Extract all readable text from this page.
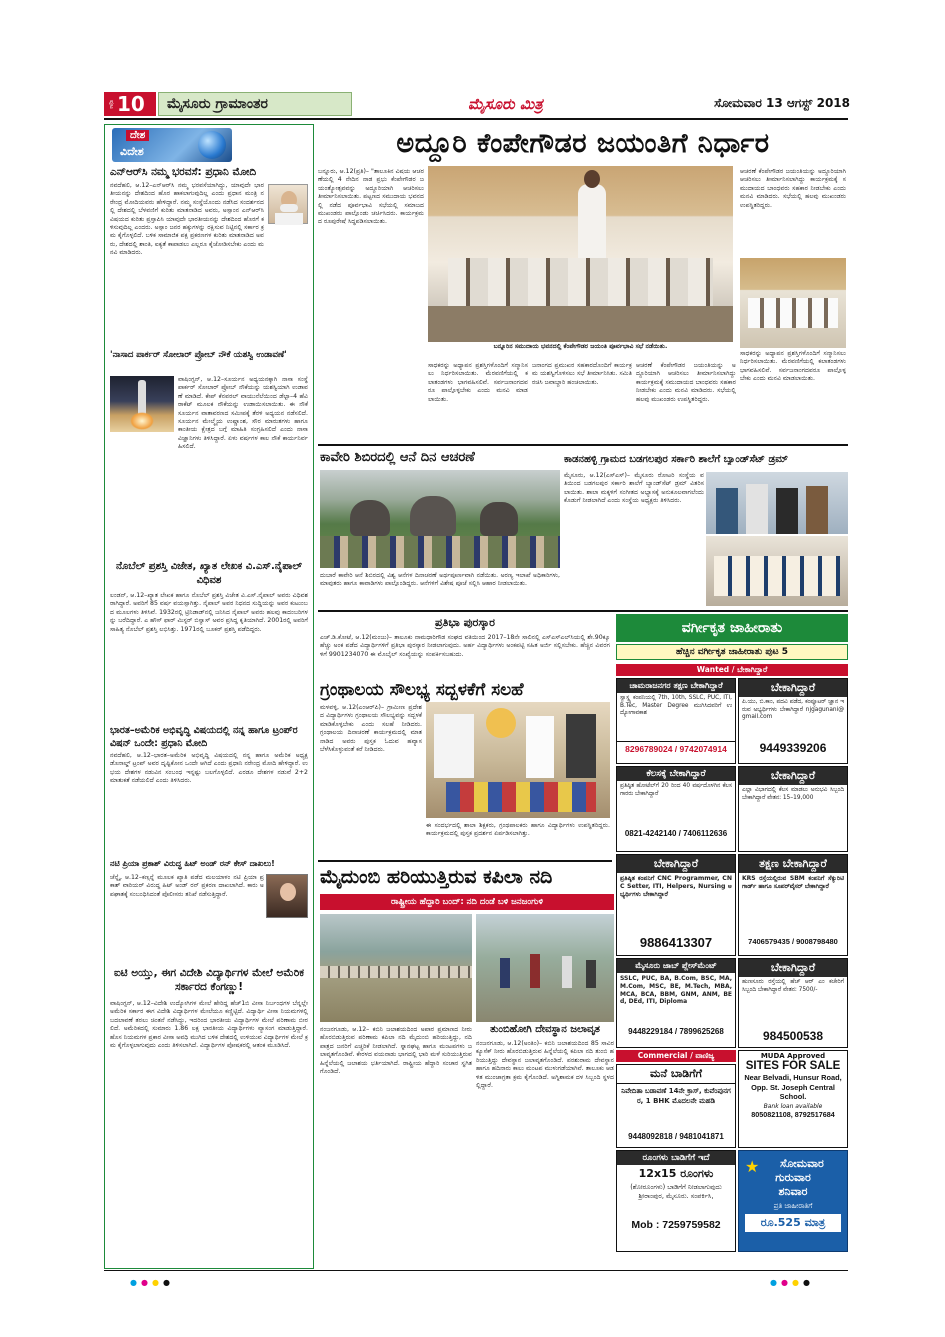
ಪುಟ 10 ಮೈಸೂರು ಗ್ರಾಮಾಂತರ	ಮೈಸೂರು ಮಿತ್ರ	ಸೋಮವಾರ 13 ಆಗಸ್ಟ್ 2018
ದೇಶ
ವಿದೇಶ
ಎನ್‌ಆರ್‌ಸಿ ನಮ್ಮ ಭರವಸೆ: ಪ್ರಧಾನಿ ಮೋದಿ
ನವದೆಹಲಿ, ಆ.12–ಎನ್‌ಆರ್‌ಸಿ ನಮ್ಮ ಭರವಸೆಯಾಗಿದ್ದು, ಯಾವುದೇ ಭಾರತೀಯನನ್ನು ದೇಶದಿಂದ ಹೊರ ಹಾಕಲಾಗುವುದಿಲ್ಲ ಎಂದು ಪ್ರಧಾನ ಮಂತ್ರಿ ನರೇಂದ್ರ ಮೋದಿಯವರು ಹೇಳಿದ್ದಾರೆ. ನಮ್ಮ ಸಂಸ್ಥೆಯೊಂದು ನಡೆಸಿದ ಸಂದರ್ಶನದಲ್ಲಿ ದೇಶದಲ್ಲಿ ಬೆಳವಣಿಗೆ ಕುರಿತು ಮಾತನಾಡಿದ ಅವರು, ಅಸ್ಸಾಂನ ಎನ್‌ಆರ್‌ಸಿ ವಿಷಯದ ಕುರಿತು ಪ್ರಸ್ತಾಪಿಸಿ ಯಾವುದೇ ಭಾರತೀಯನನ್ನು ದೇಶದಿಂದ ಹೊರಗೆ ಕಳಿಸುವುದಿಲ್ಲ ಎಂದರು. ಅಸ್ಸಾಂ ಜನರ ಹಕ್ಕುಗಳನ್ನು ರಕ್ಷಿಸುವ ನಿಟ್ಟಿನಲ್ಲಿ ಸರ್ಕಾರ ಕ್ರಮ ಕೈಗೊಳ್ಳಲಿದೆ. ಬಳಿಕ ಸಾಮಾಜಿಕ ಪಕ್ಷ ಪ್ರಕರಣಗಳ ಕುರಿತು ಮಾತನಾಡಿದ ಅವರು, ದೇಶದಲ್ಲಿ ಶಾಂತಿ, ಐಕ್ಯತೆ ಕಾಪಾಡಲು ಎಲ್ಲರೂ ಕೈಜೋಡಿಸಬೇಕು ಎಂದು ಮನವಿ ಮಾಡಿದರು.
'ನಾಸಾದ ಪಾರ್ಕರ್ ಸೋಲಾರ್ ಪ್ರೋಬ್ ನೌಕೆ ಯಶಸ್ವಿ ಉಡಾವಣೆ'
ವಾಷಿಂಗ್ಟನ್, ಆ.12–ಸೂರ್ಯನ ಅಧ್ಯಯನಕ್ಕಾಗಿ ನಾಸಾ ಸಂಸ್ಥೆ ಪಾರ್ಕರ್ ಸೋಲಾರ್ ಪ್ರೋಬ್ ನೌಕೆಯನ್ನು ಯಶಸ್ವಿಯಾಗಿ ಉಡಾವಣೆ ಮಾಡಿದೆ. ಕೇಪ್ ಕೆನವರಲ್ ವಾಯುನೆಲೆಯಿಂದ ಡೆಲ್ಟಾ–4 ಹೆವಿ ರಾಕೆಟ್ ಮೂಲಕ ನೌಕೆಯನ್ನು ಉಡಾಯಿಸಲಾಯಿತು. ಈ ನೌಕೆ ಸೂರ್ಯನ ವಾತಾವರಣದ ಸಮೀಪಕ್ಕೆ ತೆರಳಿ ಅಧ್ಯಯನ ನಡೆಸಲಿದೆ. ಸೂರ್ಯನ ಮೇಲ್ಮೈಯ ಉಷ್ಣಾಂಶ, ಸೌರ ಮಾರುತಗಳು ಹಾಗೂ ಕಾಂತೀಯ ಕ್ಷೇತ್ರದ ಬಗ್ಗೆ ಮಾಹಿತಿ ಸಂಗ್ರಹಿಸಲಿದೆ ಎಂದು ನಾಸಾ ವಿಜ್ಞಾನಿಗಳು ತಿಳಿಸಿದ್ದಾರೆ. ಏಳು ವರ್ಷಗಳ ಕಾಲ ನೌಕೆ ಕಾರ್ಯನಿರ್ವಹಿಸಲಿದೆ.
ನೊಬೆಲ್ ಪ್ರಶಸ್ತಿ ವಿಜೇತ, ಖ್ಯಾತ ಲೇಖಕ ವಿ.ಎಸ್.ನೈಪಾಲ್ ವಿಧಿವಶ
ಲಂಡನ್, ಆ.12–ಖ್ಯಾತ ಲೇಖಕ ಹಾಗೂ ನೊಬೆಲ್ ಪ್ರಶಸ್ತಿ ವಿಜೇತ ವಿ.ಎಸ್.ನೈಪಾಲ್ ಅವರು ವಿಧಿವಶರಾಗಿದ್ದಾರೆ. ಅವರಿಗೆ 85 ವರ್ಷ ವಯಸ್ಸಾಗಿತ್ತು. ನೈಪಾಲ್ ಅವರ ನಿಧನದ ಸುದ್ದಿಯನ್ನು ಅವರ ಕುಟುಂಬದ ಮೂಲಗಳು ತಿಳಿಸಿವೆ. 1932ರಲ್ಲಿ ಟ್ರಿನಿಡಾಡ್‌ನಲ್ಲಿ ಜನಿಸಿದ ನೈಪಾಲ್ ಅವರು ಹಲವು ಕಾದಂಬರಿಗಳನ್ನು ಬರೆದಿದ್ದಾರೆ. ಎ ಹೌಸ್ ಫಾರ್ ಮಿಸ್ಟರ್ ಬಿಸ್ವಾಸ್ ಅವರ ಪ್ರಸಿದ್ಧ ಕೃತಿಯಾಗಿದೆ. 2001ರಲ್ಲಿ ಅವರಿಗೆ ಸಾಹಿತ್ಯ ನೊಬೆಲ್ ಪ್ರಶಸ್ತಿ ಲಭಿಸಿತ್ತು. 1971ರಲ್ಲಿ ಬೂಕರ್ ಪ್ರಶಸ್ತಿ ಪಡೆದಿದ್ದರು.
ಭಾರತ–ಅಮೆರಿಕ ಅಭಿವೃದ್ಧಿ ವಿಷಯದಲ್ಲಿ ನನ್ನ ಹಾಗೂ ಟ್ರಂಪ್‌ರ ವಿಷನ್ ಒಂದೇ: ಪ್ರಧಾನಿ ಮೋದಿ
ನವದೆಹಲಿ, ಆ.12–ಭಾರತ–ಅಮೆರಿಕ ಅಭಿವೃದ್ಧಿ ವಿಷಯದಲ್ಲಿ ನನ್ನ ಹಾಗೂ ಅಮೆರಿಕ ಅಧ್ಯಕ್ಷ ಡೊನಾಲ್ಡ್ ಟ್ರಂಪ್ ಅವರ ದೃಷ್ಟಿಕೋನ ಒಂದೇ ಆಗಿದೆ ಎಂದು ಪ್ರಧಾನಿ ನರೇಂದ್ರ ಮೋದಿ ಹೇಳಿದ್ದಾರೆ. ಉಭಯ ದೇಶಗಳ ನಡುವಿನ ಸಂಬಂಧ ಇನ್ನಷ್ಟು ಬಲಗೊಳ್ಳಲಿದೆ. ಎರಡೂ ದೇಶಗಳ ನಡುವೆ 2+2 ಮಾತುಕತೆ ನಡೆಯಲಿದೆ ಎಂದು ತಿಳಿಸಿದರು.
ನಟಿ ಪ್ರಿಯಾ ಪ್ರಕಾಶ್ ವಿರುದ್ಧ ಹಿಟ್ ಅಂಡ್ ರನ್ ಕೇಸ್ ದಾಖಲು!
ಚೆನ್ನೈ, ಆ.12–ಕಣ್ಸನ್ನೆ ಮೂಲಕ ಖ್ಯಾತಿ ಪಡೆದ ಮಲಯಾಳಂ ನಟಿ ಪ್ರಿಯಾ ಪ್ರಕಾಶ್ ವಾರಿಯರ್ ವಿರುದ್ಧ ಹಿಟ್ ಅಂಡ್ ರನ್ ಪ್ರಕರಣ ದಾಖಲಾಗಿದೆ. ಕಾರು ಅಪಘಾತಕ್ಕೆ ಸಂಬಂಧಿಸಿದಂತೆ ಪೊಲೀಸರು ತನಿಖೆ ನಡೆಸುತ್ತಿದ್ದಾರೆ.
ಐಟಿ ಅಯ್ತು, ಈಗ ವಿದೇಶಿ ವಿದ್ಯಾರ್ಥಿಗಳ ಮೇಲೆ ಅಮೆರಿಕ ಸರ್ಕಾರದ ಕೆಂಗಣ್ಣು!
ವಾಷಿಂಗ್ಟನ್, ಆ.12–ವಿದೇಶಿ ಉದ್ಯೋಗಿಗಳ ಮೇಲೆ ಹೇರಿದ್ದ ಹೆಚ್1ಬಿ ವೀಸಾ ನಿರ್ಬಂಧಗಳ ಬೆನ್ನಲ್ಲೇ ಅಮೆರಿಕ ಸರ್ಕಾರ ಈಗ ವಿದೇಶಿ ವಿದ್ಯಾರ್ಥಿಗಳ ಮೇಲೆಯೂ ಕಣ್ಣಿಟ್ಟಿದೆ. ವಿದ್ಯಾರ್ಥಿ ವೀಸಾ ನಿಯಮಗಳಲ್ಲಿ ಬದಲಾವಣೆ ತರಲು ಚಿಂತನೆ ನಡೆಸಿದ್ದು, ಇದರಿಂದ ಭಾರತೀಯ ವಿದ್ಯಾರ್ಥಿಗಳ ಮೇಲೆ ಪರಿಣಾಮ ಬೀರಲಿದೆ. ಅಮೆರಿಕದಲ್ಲಿ ಸುಮಾರು 1.86 ಲಕ್ಷ ಭಾರತೀಯ ವಿದ್ಯಾರ್ಥಿಗಳು ವ್ಯಾಸಂಗ ಮಾಡುತ್ತಿದ್ದಾರೆ. ಹೊಸ ನಿಯಮಗಳ ಪ್ರಕಾರ ವೀಸಾ ಅವಧಿ ಮುಗಿದ ಬಳಿಕ ದೇಶದಲ್ಲಿ ಉಳಿಯುವ ವಿದ್ಯಾರ್ಥಿಗಳ ಮೇಲೆ ಕ್ರಮ ಕೈಗೊಳ್ಳಲಾಗುವುದು ಎಂದು ತಿಳಿಸಲಾಗಿದೆ. ವಿದ್ಯಾರ್ಥಿಗಳ ಪೋಷಕರಲ್ಲಿ ಆತಂಕ ಮೂಡಿಸಿದೆ.
ಅದ್ದೂರಿ ಕೆಂಪೇಗೌಡರ ಜಯಂತಿಗೆ ನಿರ್ಧಾರ
ಬನ್ನೂರು, ಆ.12(ಪ್ರತಿ)– "ತಾಲೂಕಿನ ವಿಷಯ ಆಚರಣೆಯಲ್ಲಿ 4 ನೇದಿನ ನಾಡ ಪ್ರಭು ಕೆಂಪೇಗೌಡರ ಜಯಂತ್ಯೋತ್ಸವವನ್ನು ಅದ್ದೂರಿಯಾಗಿ ಆಚರಿಸಲು ತೀರ್ಮಾನಿಸಲಾಯಿತು. ಪಟ್ಟಣದ ಸಮುದಾಯ ಭವನದಲ್ಲಿ ನಡೆದ ಪೂರ್ವಭಾವಿ ಸಭೆಯಲ್ಲಿ ಸಮಾಜದ ಮುಖಂಡರು ಪಾಲ್ಗೊಂಡು ಚರ್ಚಿಸಿದರು. ಕಾರ್ಯಕ್ರಮದ ರೂಪುರೇಷೆ ಸಿದ್ಧಪಡಿಸಲಾಯಿತು.
ಬನ್ನೂರಿನ ಸಮುದಾಯ ಭವನದಲ್ಲಿ ಕೆಂಪೇಗೌಡರ ಜಯಂತಿ ಪೂರ್ವಭಾವಿ ಸಭೆ ನಡೆಯಿತು.
ಸಾಧಕರನ್ನು ಅಧ್ಯಾಪನ ಪ್ರಶಸ್ತಿಗಳೊಂದಿಗೆ ಸನ್ಮಾನಿಸಲು ನಿರ್ಧರಿಸಲಾಯಿತು. ಮೆರವಣಿಗೆಯಲ್ಲಿ ಕಲಾತಂಡಗಳು ಭಾಗವಹಿಸಲಿವೆ. ಸರ್ವಜನಾಂಗದವರೂ ಪಾಲ್ಗೊಳ್ಳಬೇಕು ಎಂದು ಮನವಿ ಮಾಡಲಾಯಿತು.
ಜನಾಂಗದ ಪ್ರಮುಖರ ಸಹಕಾರದೊಂದಿಗೆ ಕಾರ್ಯಕ್ರಮ ಯಶಸ್ವಿಗೊಳಿಸಲು ಸಭೆ ತೀರ್ಮಾನಿಸಿತು. ಸಮಿತಿ ರಚಿಸಿ ಜವಾಬ್ದಾರಿ ಹಂಚಲಾಯಿತು.
ಆಚರಣೆ ಕೆಂಪೇಗೌಡರ ಜಯಂತಿಯನ್ನು ಅದ್ದೂರಿಯಾಗಿ ಆಚರಿಸಲು ತೀರ್ಮಾನಿಸಲಾಗಿದ್ದು ಕಾರ್ಯಕ್ರಮಕ್ಕೆ ಸಮುದಾಯದ ಬಾಂಧವರು ಸಹಕಾರ ನೀಡಬೇಕು ಎಂದು ಮನವಿ ಮಾಡಿದರು. ಸಭೆಯಲ್ಲಿ ಹಲವು ಮುಖಂಡರು ಉಪಸ್ಥಿತರಿದ್ದರು.
ಆಚರಣೆ ಕೆಂಪೇಗೌಡರ ಜಯಂತಿಯನ್ನು ಅದ್ದೂರಿಯಾಗಿ ಆಚರಿಸಲು ತೀರ್ಮಾನಿಸಲಾಗಿದ್ದು ಕಾರ್ಯಕ್ರಮಕ್ಕೆ ಸಮುದಾಯದ ಬಾಂಧವರು ಸಹಕಾರ ನೀಡಬೇಕು ಎಂದು ಮನವಿ ಮಾಡಿದರು. ಸಭೆಯಲ್ಲಿ ಹಲವು ಮುಖಂಡರು ಉಪಸ್ಥಿತರಿದ್ದರು.
ಸಾಧಕರನ್ನು ಅಧ್ಯಾಪನ ಪ್ರಶಸ್ತಿಗಳೊಂದಿಗೆ ಸನ್ಮಾನಿಸಲು ನಿರ್ಧರಿಸಲಾಯಿತು. ಮೆರವಣಿಗೆಯಲ್ಲಿ ಕಲಾತಂಡಗಳು ಭಾಗವಹಿಸಲಿವೆ. ಸರ್ವಜನಾಂಗದವರೂ ಪಾಲ್ಗೊಳ್ಳಬೇಕು ಎಂದು ಮನವಿ ಮಾಡಲಾಯಿತು.
ಕಾವೇರಿ ಶಿಬಿರದಲ್ಲಿ ಆನೆ ದಿನ ಆಚರಣೆ
ದುಬಾರೆ ಕಾವೇರಿ ಆನೆ ಶಿಬಿರದಲ್ಲಿ ವಿಶ್ವ ಆನೆಗಳ ದಿನಾಚರಣೆ ಅರ್ಥಪೂರ್ಣವಾಗಿ ನಡೆಯಿತು. ಅರಣ್ಯ ಇಲಾಖೆ ಅಧಿಕಾರಿಗಳು, ಮಾವುತರು ಹಾಗೂ ಕಾವಾಡಿಗಳು ಪಾಲ್ಗೊಂಡಿದ್ದರು. ಆನೆಗಳಿಗೆ ವಿಶೇಷ ಪೂಜೆ ಸಲ್ಲಿಸಿ ಆಹಾರ ನೀಡಲಾಯಿತು.
ಕಾಡನಹಳ್ಳಿ ಗ್ರಾಮದ ಬಡಗಲಪುರ ಸರ್ಕಾರಿ ಶಾಲೆಗೆ ಬ್ಯಾಂಡ್‌ಸೆಟ್ ಡ್ರಮ್
ಮೈಸೂರು, ಆ.12(ಎಸ್‌ಎಸ್)– ಮೈಸೂರು ರೋಟರಿ ಸಂಸ್ಥೆಯ ವತಿಯಿಂದ ಬಡಗಲಪುರ ಸರ್ಕಾರಿ ಶಾಲೆಗೆ ಬ್ಯಾಂಡ್‌ಸೆಟ್ ಡ್ರಮ್ ವಿತರಿಸಲಾಯಿತು. ಶಾಲಾ ಮಕ್ಕಳಿಗೆ ಸಂಗೀತದ ಅಭ್ಯಾಸಕ್ಕೆ ಅನುಕೂಲವಾಗಲೆಂದು ಕೊಡುಗೆ ನೀಡಲಾಗಿದೆ ಎಂದು ಸಂಸ್ಥೆಯ ಅಧ್ಯಕ್ಷರು ತಿಳಿಸಿದರು.
ಪ್ರತಿಭಾ ಪುರಸ್ಕಾರ
ಎಚ್.ಡಿ.ಕೋಟೆ, ಆ.12(ಮಂಜು)– ತಾಲೂಕು ನಾಮಧಾರಿಗೌಡ ಸಂಘದ ವತಿಯಿಂದ 2017–18ನೇ ಸಾಲಿನಲ್ಲಿ ಎಸ್‌ಎಸ್‌ಎಲ್‌ಸಿಯಲ್ಲಿ ಶೇ.90ಕ್ಕೂ ಹೆಚ್ಚು ಅಂಕ ಪಡೆದ ವಿದ್ಯಾರ್ಥಿಗಳಿಗೆ ಪ್ರತಿಭಾ ಪುರಸ್ಕಾರ ನೀಡಲಾಗುವುದು. ಅರ್ಹ ವಿದ್ಯಾರ್ಥಿಗಳು ಅಂಕಪಟ್ಟಿ ಸಹಿತ ಅರ್ಜಿ ಸಲ್ಲಿಸಬೇಕು. ಹೆಚ್ಚಿನ ವಿವರಗಳಿಗೆ 9901234070 ಈ ಮೊಬೈಲ್ ಸಂಖ್ಯೆಯನ್ನು ಸಂಪರ್ಕಿಸಬಹುದು.
ಗ್ರಂಥಾಲಯ ಸೌಲಭ್ಯ ಸದ್ಬಳಕೆಗೆ ಸಲಹೆ
ಮಳವಳ್ಳಿ, ಆ.12(ಎಂಆರ್‌ಪಿ)– ಗ್ರಾಮೀಣ ಪ್ರದೇಶದ ವಿದ್ಯಾರ್ಥಿಗಳು ಗ್ರಂಥಾಲಯ ಸೌಲಭ್ಯವನ್ನು ಸದ್ಬಳಕೆ ಮಾಡಿಕೊಳ್ಳಬೇಕು ಎಂದು ಸಲಹೆ ನೀಡಿದರು. ಗ್ರಂಥಾಲಯ ದಿನಾಚರಣೆ ಕಾರ್ಯಕ್ರಮದಲ್ಲಿ ಮಾತನಾಡಿದ ಅವರು ಪುಸ್ತಕ ಓದುವ ಹವ್ಯಾಸ ಬೆಳೆಸಿಕೊಳ್ಳುವಂತೆ ಕರೆ ನೀಡಿದರು.
ಈ ಸಂದರ್ಭದಲ್ಲಿ ಶಾಲಾ ಶಿಕ್ಷಕರು, ಗ್ರಂಥಪಾಲಕರು ಹಾಗೂ ವಿದ್ಯಾರ್ಥಿಗಳು ಉಪಸ್ಥಿತರಿದ್ದರು. ಕಾರ್ಯಕ್ರಮದಲ್ಲಿ ಪುಸ್ತಕ ಪ್ರದರ್ಶನ ಏರ್ಪಡಿಸಲಾಗಿತ್ತು.
ಮೈದುಂಬಿ ಹರಿಯುತ್ತಿರುವ ಕಪಿಲಾ ನದಿ
ರಾಷ್ಟ್ರೀಯ ಹೆದ್ದಾರಿ ಬಂದ್: ನದಿ ದಂಡೆ ಬಳಿ ಜನಜಂಗುಳಿ
ತುಂಬಿಹೋಗಿ ದೇವಸ್ಥಾನ ಜಲಾವೃತ
ನಂಜನಗೂಡು, ಆ.12– ಕಬಿನಿ ಜಲಾಶಯದಿಂದ ಅಪಾರ ಪ್ರಮಾಣದ ನೀರು ಹೊರಬಿಡುತ್ತಿರುವ ಪರಿಣಾಮ ಕಪಿಲಾ ನದಿ ಮೈದುಂಬಿ ಹರಿಯುತ್ತಿದ್ದು, ನದಿ ಪಾತ್ರದ ಜನರಿಗೆ ಎಚ್ಚರಿಕೆ ನೀಡಲಾಗಿದೆ. ಸ್ನಾನಘಟ್ಟ ಹಾಗೂ ಮಂಟಪಗಳು ಜಲಾವೃತಗೊಂಡಿವೆ. ಕೇರಳದ ವಯನಾಡು ಭಾಗದಲ್ಲಿ ಭಾರಿ ಮಳೆ ಸುರಿಯುತ್ತಿರುವ ಹಿನ್ನೆಲೆಯಲ್ಲಿ ಜಲಾಶಯ ಭರ್ತಿಯಾಗಿದೆ. ರಾಷ್ಟ್ರೀಯ ಹೆದ್ದಾರಿ ಸಂಚಾರ ಸ್ಥಗಿತಗೊಂಡಿದೆ.
ನಂಜನಗೂಡು, ಆ.12(ಅಂತಿಂ)– ಕಬಿನಿ ಜಲಾಶಯದಿಂದ 85 ಸಾವಿರ ಕ್ಯೂಸೆಕ್ ನೀರು ಹೊರಬಿಡುತ್ತಿರುವ ಹಿನ್ನೆಲೆಯಲ್ಲಿ ಕಪಿಲಾ ನದಿ ತುಂಬಿ ಹರಿಯುತ್ತಿದ್ದು ದೇವಸ್ಥಾನ ಜಲಾವೃತಗೊಂಡಿದೆ. ಪರಶುರಾಮ ದೇವಸ್ಥಾನ ಹಾಗೂ ಹದಿನಾರು ಕಾಲು ಮಂಟಪ ಮುಳುಗಡೆಯಾಗಿವೆ. ತಾಲೂಕು ಆಡಳಿತ ಮುಂಜಾಗ್ರತಾ ಕ್ರಮ ಕೈಗೊಂಡಿದೆ. ಅಗ್ನಿಶಾಮಕ ದಳ ಸಿಬ್ಬಂದಿ ಸ್ಥಳದಲ್ಲಿದ್ದಾರೆ.
ವರ್ಗೀಕೃತ ಜಾಹೀರಾತು
ಹೆಚ್ಚಿನ ವರ್ಗೀಕೃತ ಜಾಹೀರಾತು ಪುಟ 5
Wanted / ಬೇಕಾಗಿದ್ದಾರೆ
ಚಾಮರಾಜನಗರ ತಕ್ಷಣ ಬೇಕಾಗಿದ್ದಾರೆ
ಸ್ವಾಸ್ಥ್ಯ ಕಂಪನಿಯಲ್ಲಿ 7th, 10th, SSLC, PUC, ITI, B.Tec, Master Degree ಮುಗಿಸಿದವರಿಗೆ ಉದ್ಯೋಗಾವಕಾಶ
8296789024 / 9742074914
ಬೇಕಾಗಿದ್ದಾರೆ
ಪಿ.ಯು, ಬಿ.ಕಾಂ, ಪದವಿ ಪಡೆದ, ಕಂಪ್ಯೂಟರ್ ಜ್ಞಾನ ಇರುವ ಅಭ್ಯರ್ಥಿಗಳು ಬೇಕಾಗಿದ್ದಾರೆ njgagunani@gmail.com
9449339206
ಕೆಲಸಕ್ಕೆ ಬೇಕಾಗಿದ್ದಾರೆ
ಪ್ರತಿಷ್ಠಿತ ಹೋಟೆಲ್‌ಗೆ 20 ರಿಂದ 40 ವರ್ಷದೊಳಗಿನ ಕೆಲಸಗಾರರು ಬೇಕಾಗಿದ್ದಾರೆ
0821-4242140 / 7406112636
ಬೇಕಾಗಿದ್ದಾರೆ
ಎಲ್ಲಾ ವಿಭಾಗದಲ್ಲಿ ಕೆಲಸ ಮಾಡಲು ಅನುಭವಿ ಸಿಬ್ಬಂದಿ ಬೇಕಾಗಿದ್ದಾರೆ ವೇತನ: 15–19,000
ಬೇಕಾಗಿದ್ದಾರೆ
ಪ್ರತಿಷ್ಠಿತ ಕಂಪನಿಗೆ CNC Programmer, CNC Setter, ITI, Helpers, Nursing ಅಭ್ಯರ್ಥಿಗಳು ಬೇಕಾಗಿದ್ದಾರೆ
9886413307
ತಕ್ಷಣ ಬೇಕಾಗಿದ್ದಾರೆ
KRS ರಸ್ತೆಯಲ್ಲಿರುವ SBM ಕಂಪನಿಗೆ ಸೆಕ್ಯುರಿಟಿ ಗಾರ್ಡ್ ಹಾಗೂ ಸೂಪರ್‌ವೈಸರ್ ಬೇಕಾಗಿದ್ದಾರೆ
7406579435 / 9008798480
ಮೈಸೂರು ಜಾಬ್ ಪ್ಲೇಸ್‌ಮೆಂಟ್
SSLC, PUC, BA, B.Com, BSC, MA, M.Com, MSC, BE, M.Tech, MBA, MCA, BCA, BBM, GNM, ANM, BEd, DEd, ITI, Diploma
9448229184 / 7899625268
ಬೇಕಾಗಿದ್ದಾರೆ
ಹುಣಸೂರು ರಸ್ತೆಯಲ್ಲಿ ಹೆಚ್ ಆರ್ ಎಂ ಕಚೇರಿಗೆ ಸಿಬ್ಬಂದಿ ಬೇಕಾಗಿದ್ದಾರೆ ವೇತನ: 7500/-
984500538
Commercial / ವಾಣಿಜ್ಯ
ಮನೆ ಬಾಡಿಗೆಗೆ
ನಿವೇದಿತಾ ಬಡಾವಣೆ 14ನೇ ಕ್ರಾಸ್, ಕುವೆಂಪುನಗರ, 1 BHK ಮೊದಲನೇ ಮಹಡಿ
9448092818 / 9481041871
MUDA Approved
SITES FOR SALE
Near Belvadi, Hunsur Road, Opp. St. Joseph Central School.
Bank loan available
8050821108, 8792517684
ರೂಂಗಳು ಬಾಡಿಗೆಗೆ ಇದೆ
12x15 ರೂಂಗಳು
(ಶೋರೂಂಗಳು) ಬಾಡಿಗೆಗೆ ನೀಡಲಾಗುವುದು ಶ್ರೀರಾಂಪುರ, ಮೈಸೂರು. ಸಂಪರ್ಕಿಸಿ,
Mob : 7259759582
★	ಸೋಮವಾರ
ಗುರುವಾರ
ಶನಿವಾರ
ಪ್ರತಿ ಜಾಹೀರಾತಿಗೆ
ರೂ.525 ಮಾತ್ರ
●●●●	●●●●
